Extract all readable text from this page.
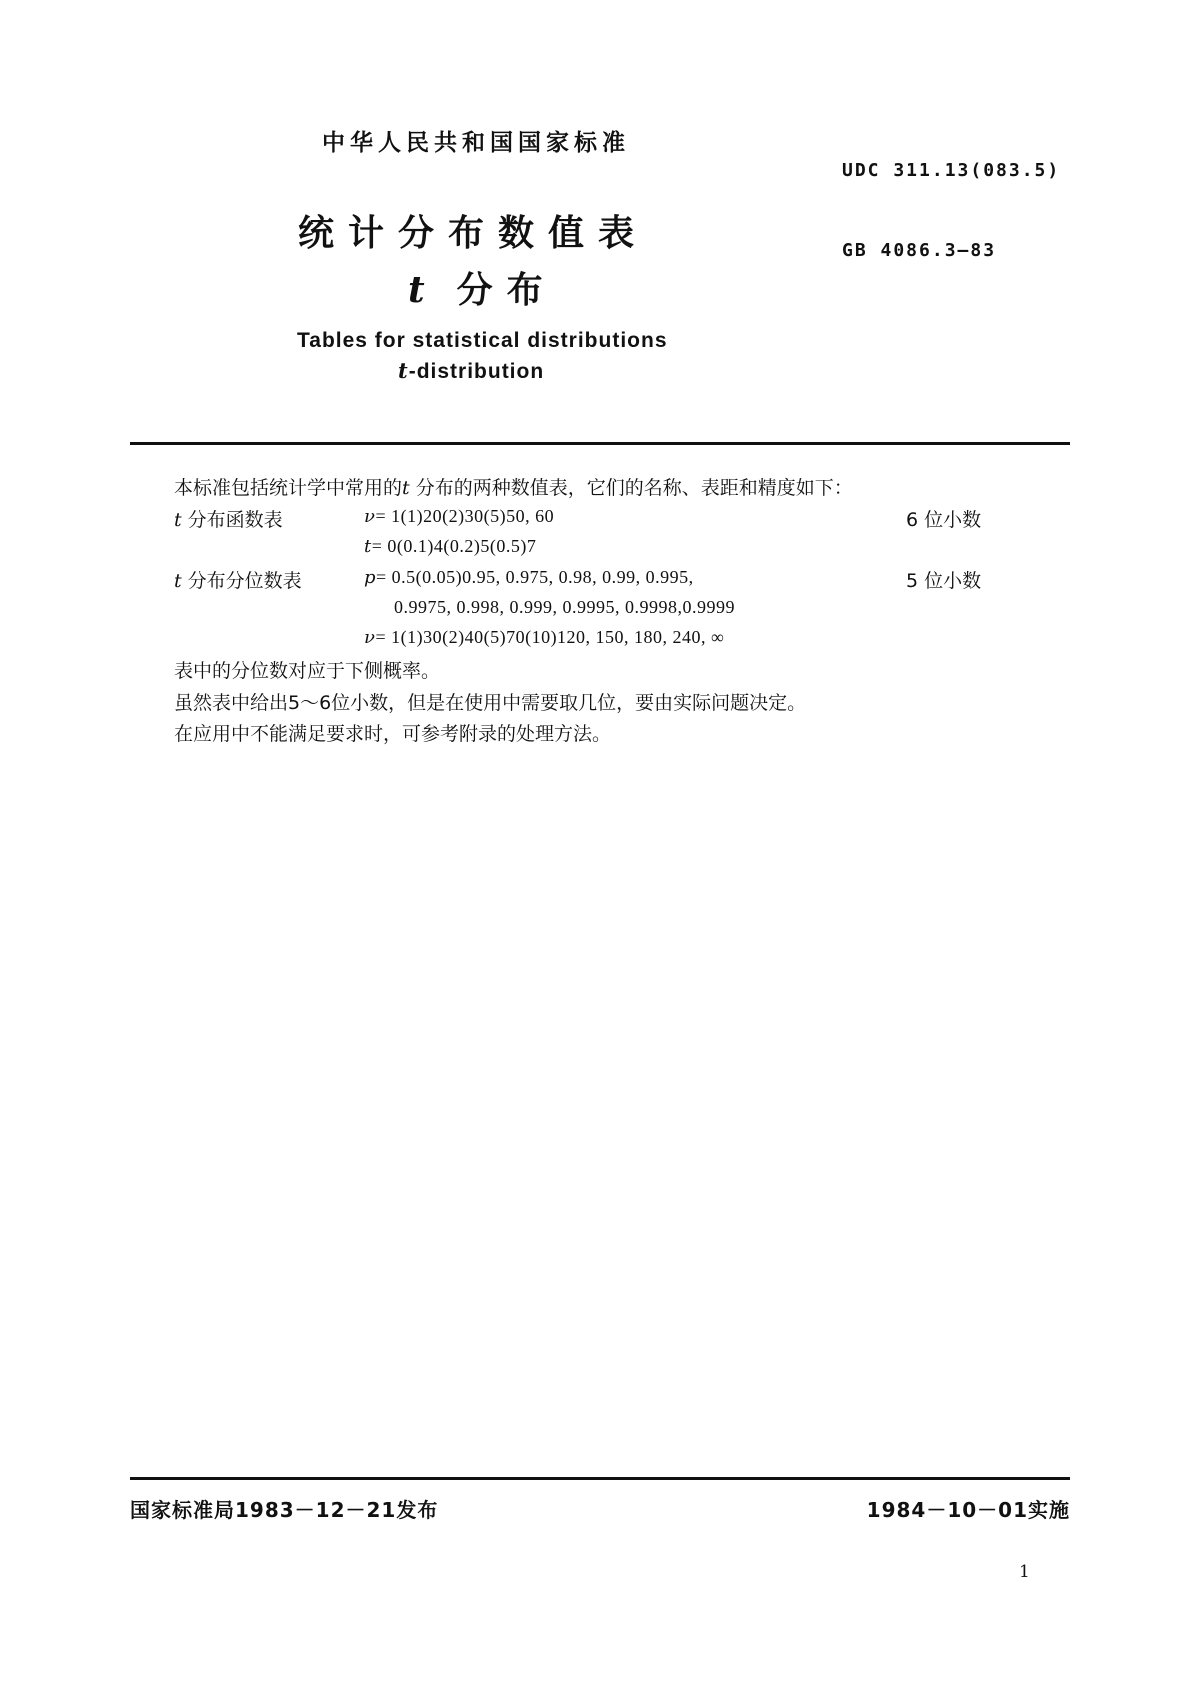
中华人民共和国国家标准
UDC 311.13(083.5)
统计分布数值表	GB 4086.3—83
t 分布
Tables for statistical distributions
t-distribution
本标准包括统计学中常用的t 分布的两种数值表，它们的名称、表距和精度如下：
t 分布函数表	ν= 1(1)20(2)30(5)50, 60	6 位小数
t= 0(0.1)4(0.2)5(0.5)7
t 分布分位数表	p= 0.5(0.05)0.95, 0.975, 0.98, 0.99, 0.995,	5 位小数
0.9975, 0.998, 0.999, 0.9995, 0.9998,0.9999
ν= 1(1)30(2)40(5)70(10)120, 150, 180, 240, ∞
表中的分位数对应于下侧概率。
虽然表中给出5～6位小数，但是在使用中需要取几位，要由实际问题决定。
在应用中不能满足要求时，可参考附录的处理方法。
国家标准局1983－12－21发布	1984－10－01实施
1
